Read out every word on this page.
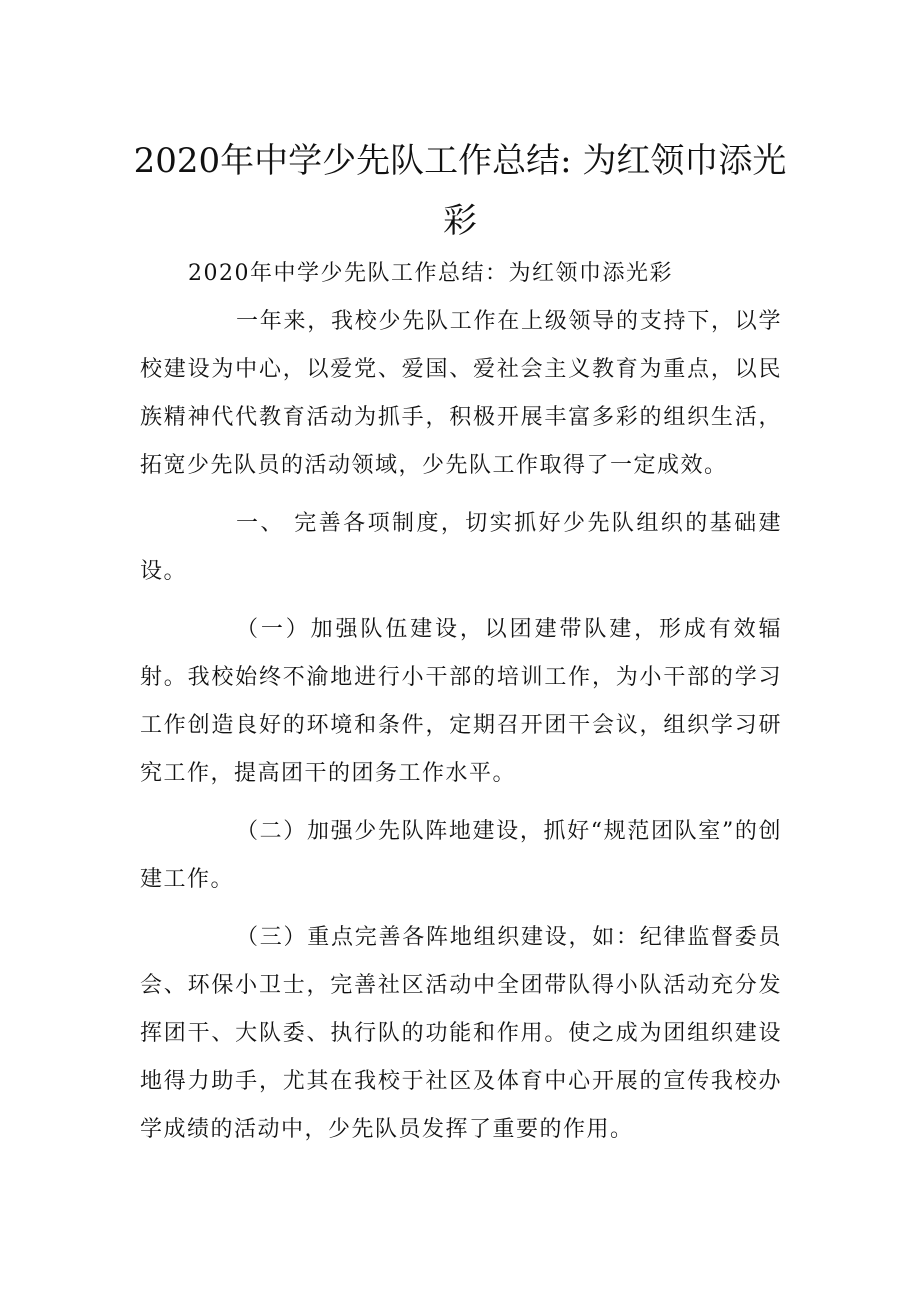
2020年中学少先队工作总结: 为红领巾添光彩

2020年中学少先队工作总结：为红领巾添光彩

一年来，我校少先队工作在上级领导的支持下，以学校建设为中心，以爱党、爱国、爱社会主义教育为重点，以民族精神代代教育活动为抓手，积极开展丰富多彩的组织生活，拓宽少先队员的活动领域，少先队工作取得了一定成效。

一、 完善各项制度，切实抓好少先队组织的基础建设。

（一）加强队伍建设，以团建带队建，形成有效辐射。我校始终不渝地进行小干部的培训工作，为小干部的学习工作创造良好的环境和条件，定期召开团干会议，组织学习研究工作，提高团干的团务工作水平。

（二）加强少先队阵地建设，抓好“规范团队室”的创建工作。

（三）重点完善各阵地组织建设，如：纪律监督委员会、环保小卫士，完善社区活动中全团带队得小队活动充分发挥团干、大队委、执行队的功能和作用。使之成为团组织建设地得力助手，尤其在我校于社区及体育中心开展的宣传我校办学成绩的活动中，少先队员发挥了重要的作用。
